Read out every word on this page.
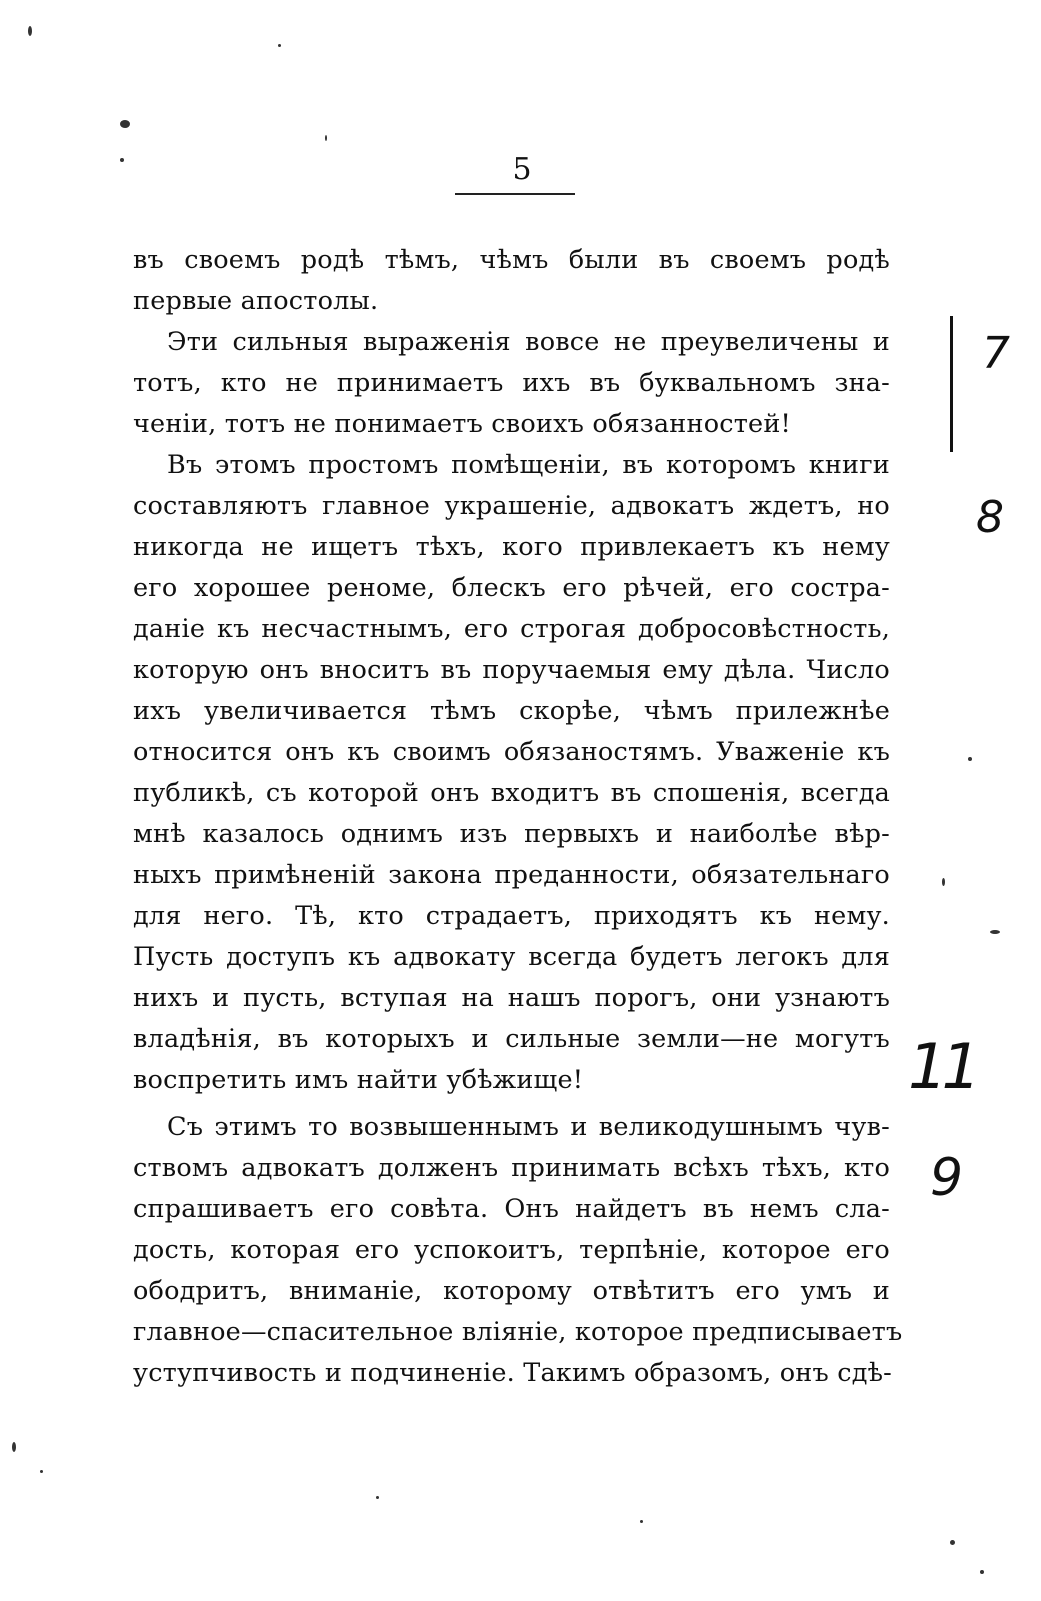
5
въ своемъ родѣ тѣмъ, чѣмъ были въ своемъ родѣ
первые апостолы.
Эти сильныя выраженія вовсе не преувеличены и
тотъ, кто не принимаетъ ихъ въ буквальномъ зна-
ченіи, тотъ не понимаетъ своихъ обязанностей!
Въ этомъ простомъ помѣщеніи, въ которомъ книги
составляютъ главное украшеніе, адвокатъ ждетъ, но
никогда не ищетъ тѣхъ, кого привлекаетъ къ нему
его хорошее реноме, блескъ его рѣчей, его состра-
даніе къ несчастнымъ, его строгая добросовѣстность,
которую онъ вноситъ въ поручаемыя ему дѣла. Число
ихъ увеличивается тѣмъ скорѣе, чѣмъ прилежнѣе
относится онъ къ своимъ обязаностямъ. Уваженіе къ
публикѣ, съ которой онъ входитъ въ спошенія, всегда
мнѣ казалось однимъ изъ первыхъ и наиболѣе вѣр-
ныхъ примѣненій закона преданности, обязательнаго
для него. Тѣ, кто страдаетъ, приходятъ къ нему.
Пусть доступъ къ адвокату всегда будетъ легокъ для
нихъ и пусть, вступая на нашъ порогъ, они узнаютъ
владѣнія, въ которыхъ и сильные земли—не могутъ
воспретить имъ найти убѣжище!
Съ этимъ то возвышеннымъ и великодушнымъ чув-
ствомъ адвокатъ долженъ принимать всѣхъ тѣхъ, кто
спрашиваетъ его совѣта. Онъ найдетъ въ немъ сла-
дость, которая его успокоитъ, терпѣніе, которое его
ободритъ, вниманіе, которому отвѣтитъ его умъ и
главное—спасительное вліяніе, которое предписываетъ
уступчивость и подчиненіе. Такимъ образомъ, онъ сдѣ-
7
8
11
9
